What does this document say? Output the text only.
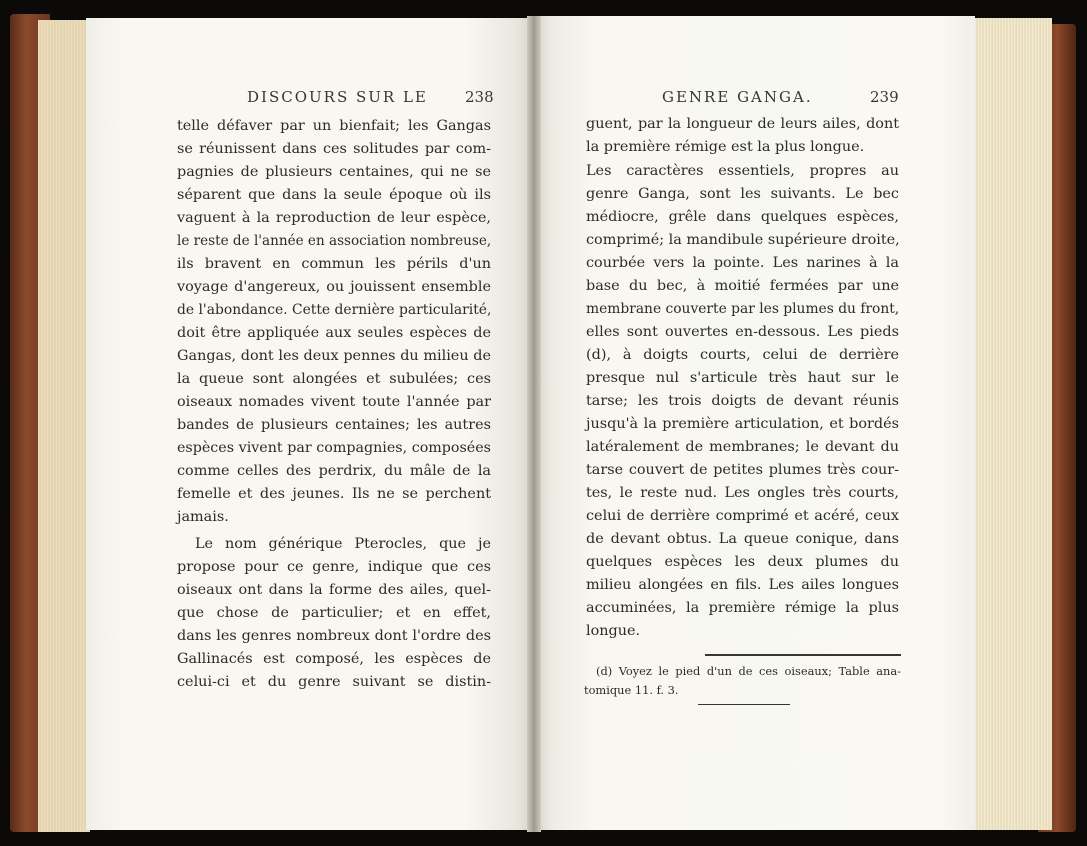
DISCOURS SUR LE 238	GENRE GANGA.	239
telle défaver par un bienfait; les Gangas
se réunissent dans ces solitudes par com-
pagnies de plusieurs centaines, qui ne se
séparent que dans la seule époque où ils
vaguent à la reproduction de leur espèce,
le reste de l'année en association nombreuse,
ils bravent en commun les périls d'un
voyage d'angereux, ou jouissent ensemble
de l'abondance. Cette dernière particularité,
doit être appliquée aux seules espèces de
Gangas, dont les deux pennes du milieu de
la queue sont alongées et subulées; ces
oiseaux nomades vivent toute l'année par
bandes de plusieurs centaines; les autres
espèces vivent par compagnies, composées
comme celles des perdrix, du mâle de la
femelle et des jeunes. Ils ne se perchent
jamais.
Le nom générique Pterocles, que je
propose pour ce genre, indique que ces
oiseaux ont dans la forme des ailes, quel-
que chose de particulier; et en effet,
dans les genres nombreux dont l'ordre des
Gallinacés est composé, les espèces de
celui-ci et du genre suivant se distin-
guent, par la longueur de leurs ailes, dont
la première rémige est la plus longue.
Les caractères essentiels, propres au
genre Ganga, sont les suivants. Le bec
médiocre, grêle dans quelques espèces,
comprimé; la mandibule supérieure droite,
courbée vers la pointe. Les narines à la
base du bec, à moitié fermées par une
membrane couverte par les plumes du front,
elles sont ouvertes en-dessous. Les pieds
(d), à doigts courts, celui de derrière
presque nul s'articule très haut sur le
tarse; les trois doigts de devant réunis
jusqu'à la première articulation, et bordés
latéralement de membranes; le devant du
tarse couvert de petites plumes très cour-
tes, le reste nud. Les ongles très courts,
celui de derrière comprimé et acéré, ceux
de devant obtus. La queue conique, dans
quelques espèces les deux plumes du
milieu alongées en fils. Les ailes longues
accuminées, la première rémige la plus
longue.
(d) Voyez le pied d'un de ces oiseaux; Table ana-
tomique 11. f. 3.
